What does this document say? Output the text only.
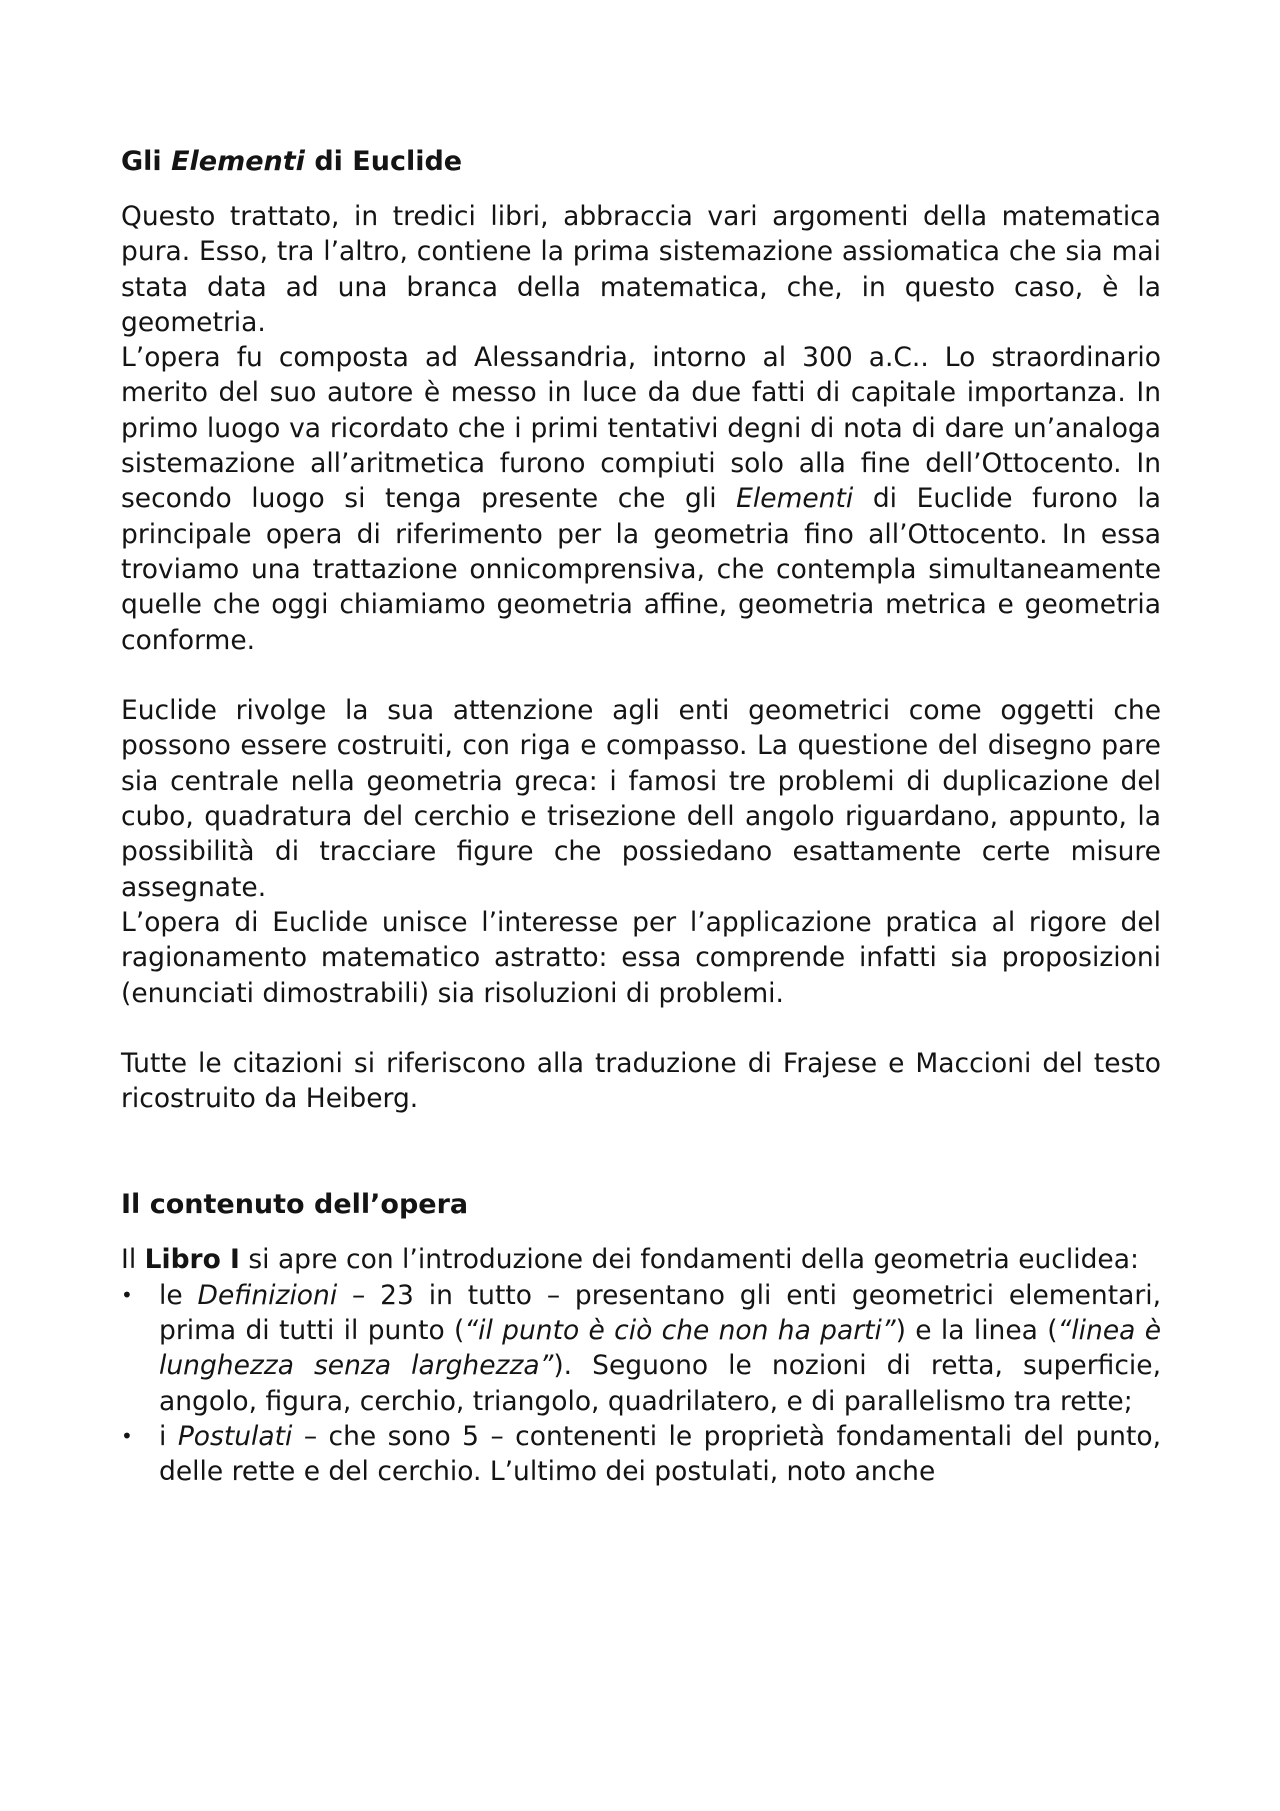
Gli Elementi di Euclide

Questo trattato, in tredici libri, abbraccia vari argomenti della matematica pura. Esso, tra l’altro, contiene la prima sistemazione assiomatica che sia mai stata data ad una branca della matematica, che, in questo caso, è la geometria.

L’opera fu composta ad Alessandria, intorno al 300 a.C.. Lo straordinario merito del suo autore è messo in luce da due fatti di capitale importanza. In primo luogo va ricordato che i primi tentativi degni di nota di dare un’analoga sistemazione all’aritmetica furono compiuti solo alla fine dell’Ottocento. In secondo luogo si tenga presente che gli Elementi di Euclide furono la principale opera di riferimento per la geometria fino all’Ottocento. In essa troviamo una trattazione onnicomprensiva, che contempla simultaneamente quelle che oggi chiamiamo geometria affine, geometria metrica e geometria conforme.

Euclide rivolge la sua attenzione agli enti geometrici come oggetti che possono essere costruiti, con riga e compasso. La questione del disegno pare sia centrale nella geometria greca: i famosi tre problemi di duplicazione del cubo, quadratura del cerchio e trisezione dell angolo riguardano, appunto, la possibilità di tracciare figure che possiedano esattamente certe misure assegnate.

L’opera di Euclide unisce l’interesse per l’applicazione pratica al rigore del ragionamento matematico astratto: essa comprende infatti sia proposizioni (enunciati dimostrabili) sia risoluzioni di problemi.

Tutte le citazioni si riferiscono alla traduzione di Frajese e Maccioni del testo ricostruito da Heiberg.

Il contenuto dell’opera

Il Libro I si apre con l’introduzione dei fondamenti della geometria euclidea:

• le Definizioni – 23 in tutto – presentano gli enti geometrici elementari, prima di tutti il punto (“il punto è ciò che non ha parti”) e la linea (“linea è lunghezza senza larghezza”). Seguono le nozioni di retta, superficie, angolo, figura, cerchio, triangolo, quadrilatero, e di parallelismo tra rette;
• i Postulati – che sono 5 – contenenti le proprietà fondamentali del punto, delle rette e del cerchio. L’ultimo dei postulati, noto anche
